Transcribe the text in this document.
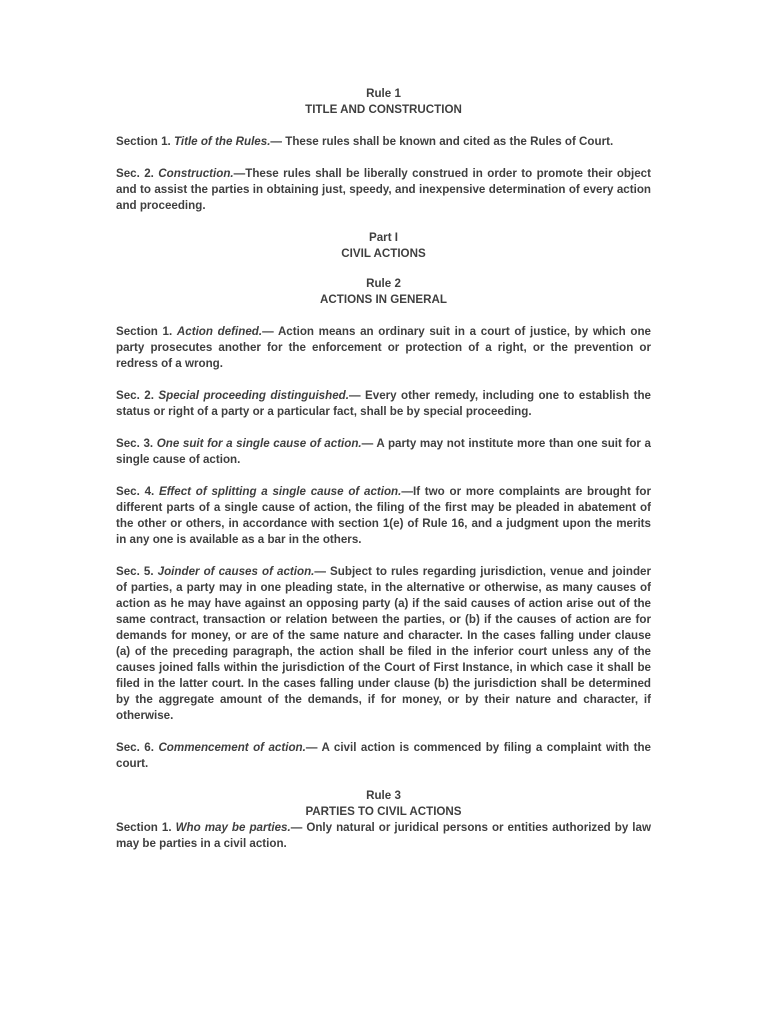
Rule 1
TITLE AND CONSTRUCTION

Section 1. Title of the Rules.— These rules shall be known and cited as the Rules of Court.

Sec. 2. Construction.—These rules shall be liberally construed in order to promote their object and to assist the parties in obtaining just, speedy, and inexpensive determination of every action and proceeding.

Part I
CIVIL ACTIONS
Rule 2
ACTIONS IN GENERAL

Section 1. Action defined.— Action means an ordinary suit in a court of justice, by which one party prosecutes another for the enforcement or protection of a right, or the prevention or redress of a wrong.

Sec. 2. Special proceeding distinguished.— Every other remedy, including one to establish the status or right of a party or a particular fact, shall be by special proceeding.

Sec. 3. One suit for a single cause of action.— A party may not institute more than one suit for a single cause of action.

Sec. 4. Effect of splitting a single cause of action.—If two or more complaints are brought for different parts of a single cause of action, the filing of the first may be pleaded in abatement of the other or others, in accordance with section 1(e) of Rule 16, and a judgment upon the merits in any one is available as a bar in the others.

Sec. 5. Joinder of causes of action.— Subject to rules regarding jurisdiction, venue and joinder of parties, a party may in one pleading state, in the alternative or otherwise, as many causes of action as he may have against an opposing party (a) if the said causes of action arise out of the same contract, transaction or relation between the parties, or (b) if the causes of action are for demands for money, or are of the same nature and character. In the cases falling under clause (a) of the preceding paragraph, the action shall be filed in the inferior court unless any of the causes joined falls within the jurisdiction of the Court of First Instance, in which case it shall be filed in the latter court. In the cases falling under clause (b) the jurisdiction shall be determined by the aggregate amount of the demands, if for money, or by their nature and character, if otherwise.

Sec. 6. Commencement of action.— A civil action is commenced by filing a complaint with the court.

Rule 3
PARTIES TO CIVIL ACTIONS

Section 1. Who may be parties.— Only natural or juridical persons or entities authorized by law may be parties in a civil action.
